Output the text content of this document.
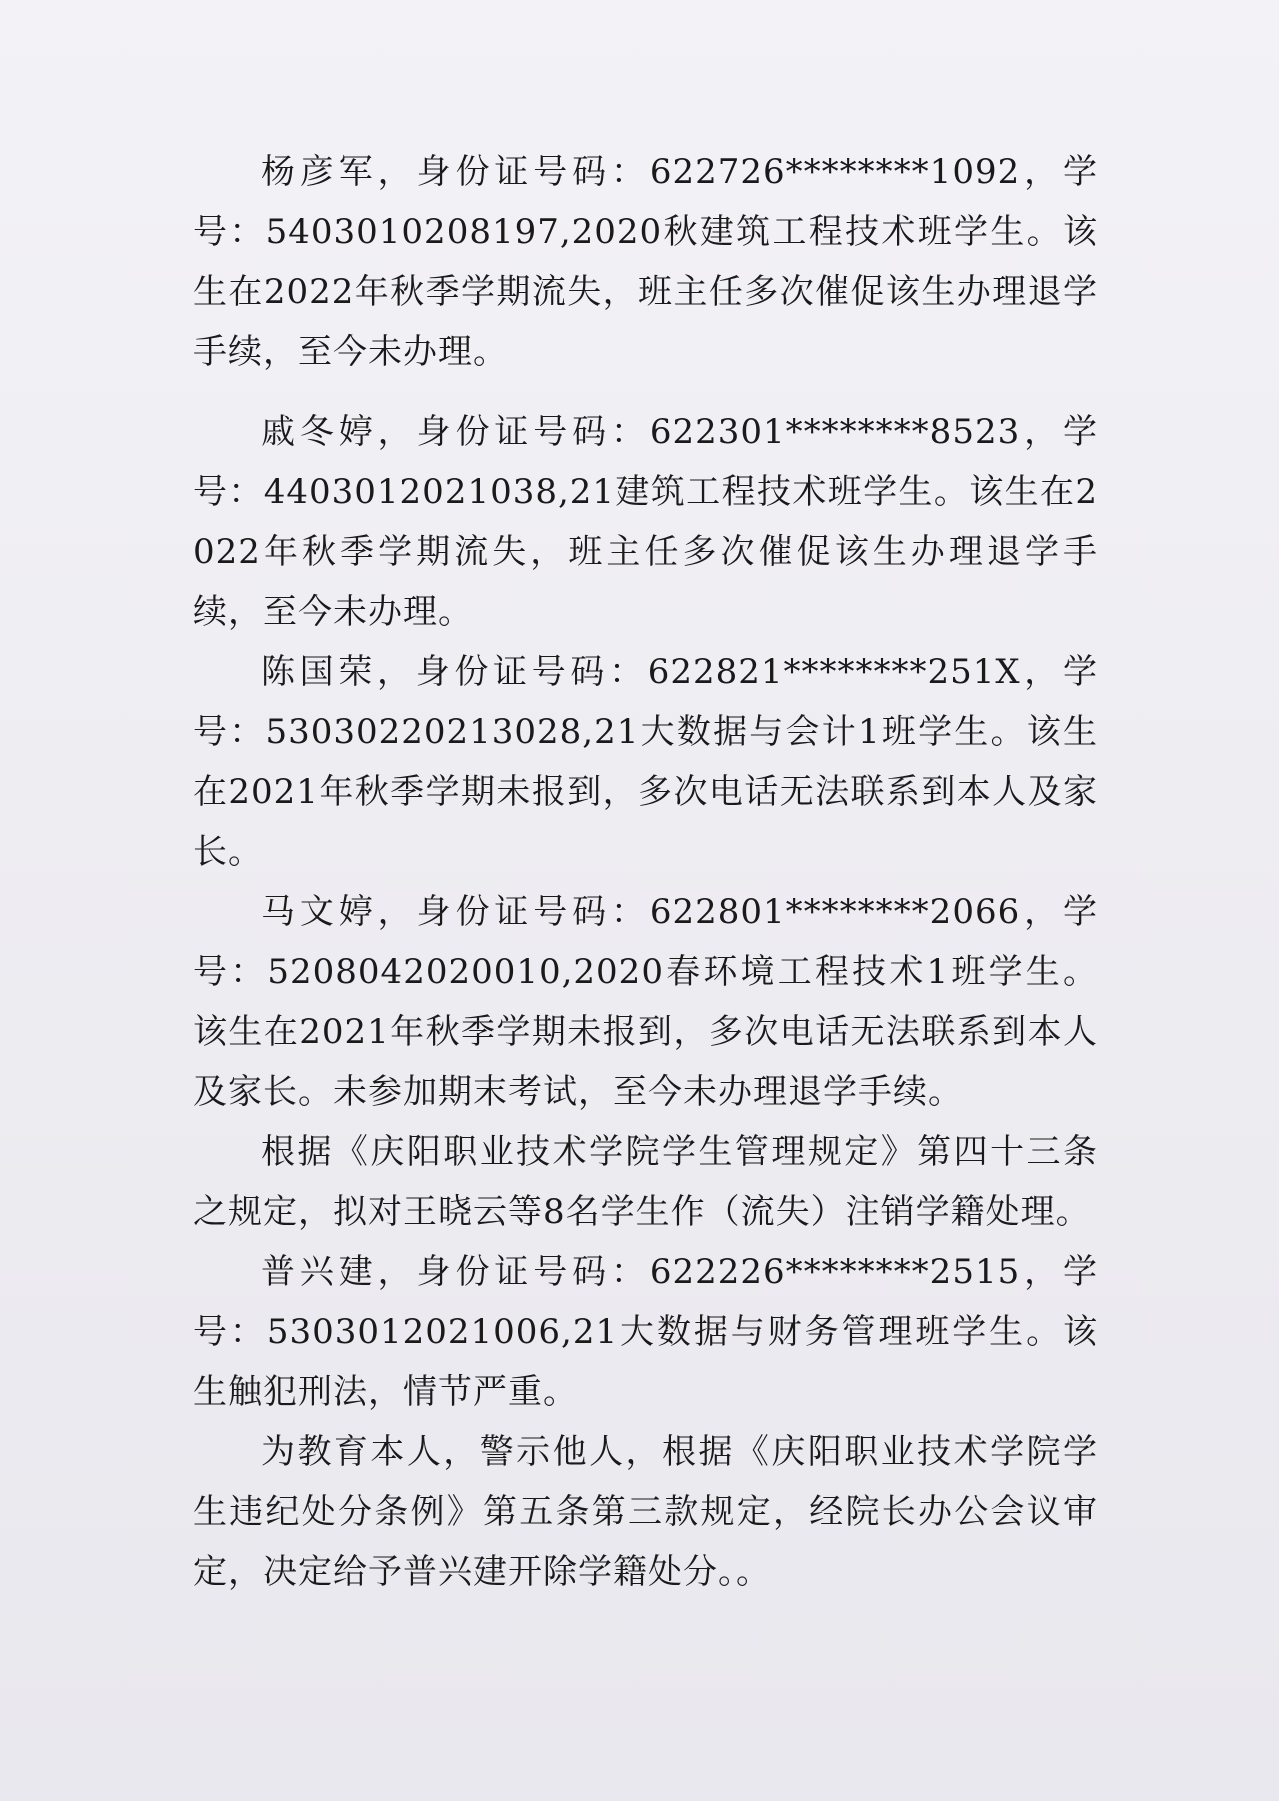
杨彦军，身份证号码：622726********1092，学号：5403010208197,2020秋建筑工程技术班学生。该生在2022年秋季学期流失，班主任多次催促该生办理退学手续，至今未办理。

戚冬婷，身份证号码：622301********8523，学号：4403012021038,21建筑工程技术班学生。该生在2022年秋季学期流失，班主任多次催促该生办理退学手续，至今未办理。

陈国荣，身份证号码：622821********251X，学号：53030220213028,21大数据与会计1班学生。该生在2021年秋季学期未报到，多次电话无法联系到本人及家长。

马文婷，身份证号码：622801********2066，学号：5208042020010,2020春环境工程技术1班学生。该生在2021年秋季学期未报到，多次电话无法联系到本人及家长。未参加期末考试，至今未办理退学手续。

根据《庆阳职业技术学院学生管理规定》第四十三条之规定，拟对王晓云等8名学生作（流失）注销学籍处理。

普兴建，身份证号码：622226********2515，学号：5303012021006,21大数据与财务管理班学生。该生触犯刑法，情节严重。

为教育本人，警示他人，根据《庆阳职业技术学院学生违纪处分条例》第五条第三款规定，经院长办公会议审定，决定给予普兴建开除学籍处分。。
